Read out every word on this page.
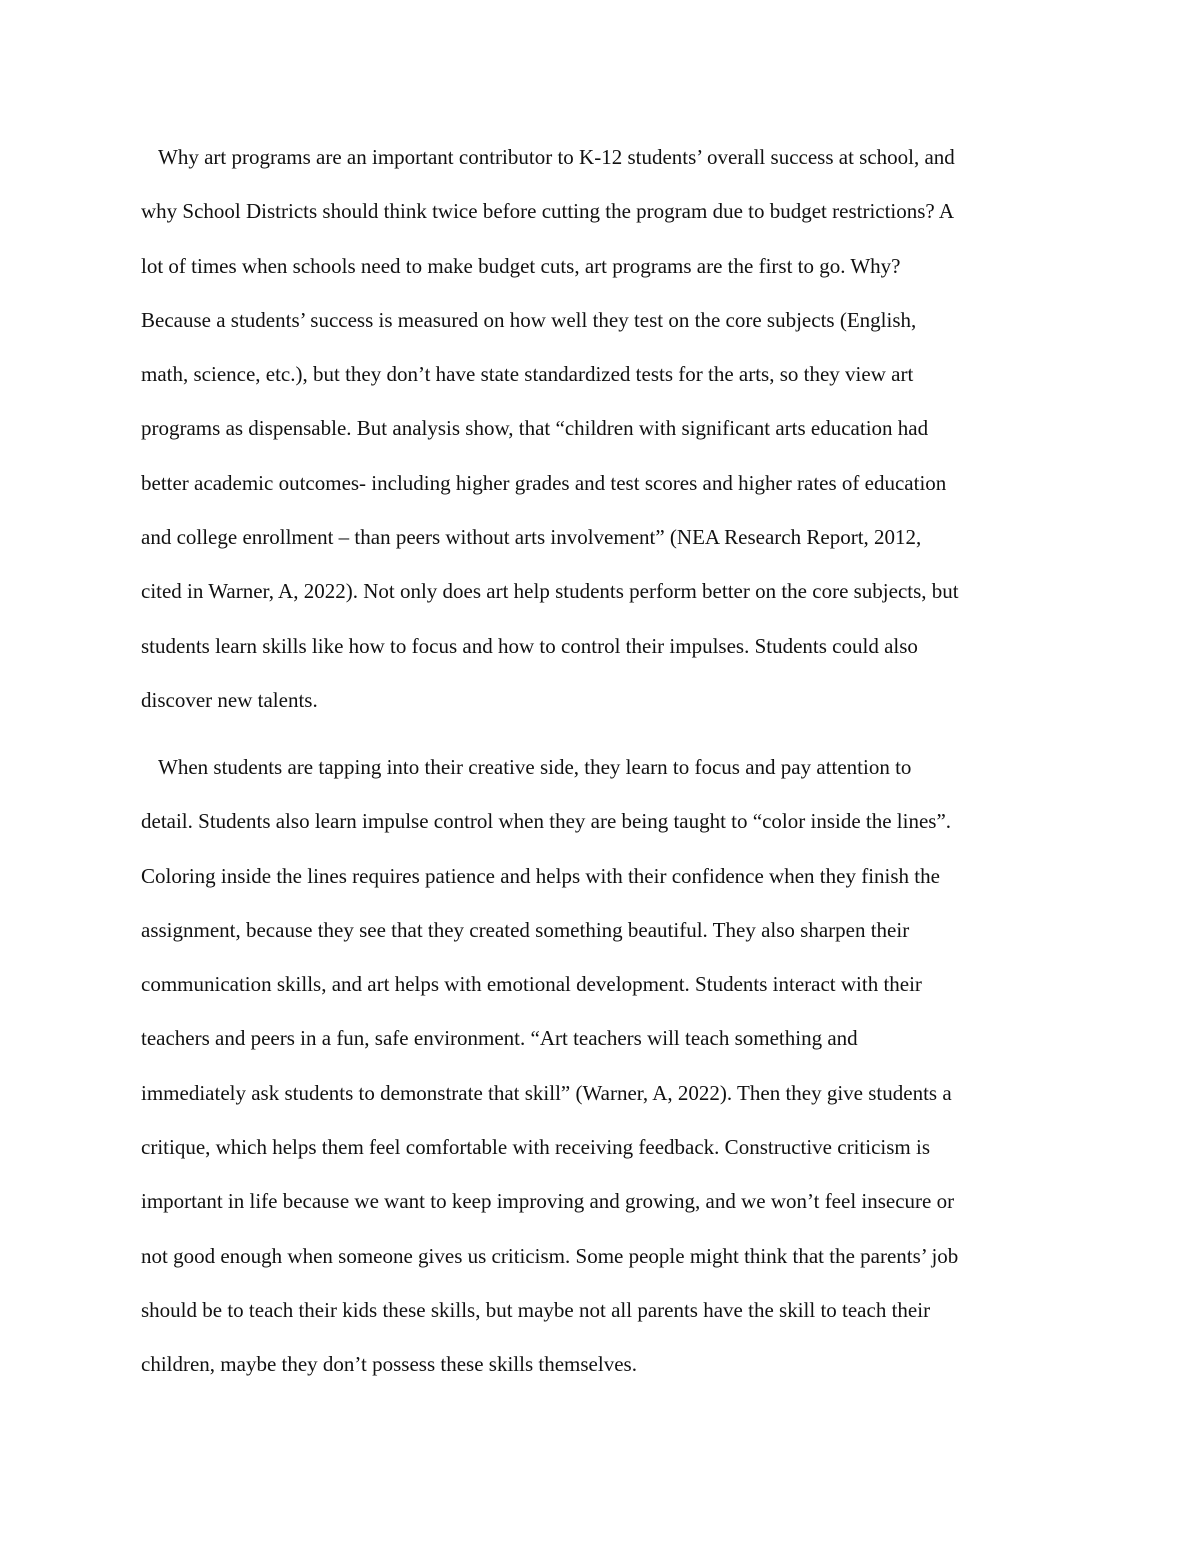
Why art programs are an important contributor to K-12 students’ overall success at school, and
why School Districts should think twice before cutting the program due to budget restrictions? A
lot of times when schools need to make budget cuts, art programs are the first to go. Why?
Because a students’ success is measured on how well they test on the core subjects (English,
math, science, etc.), but they don’t have state standardized tests for the arts, so they view art
programs as dispensable. But analysis show, that “children with significant arts education had
better academic outcomes- including higher grades and test scores and higher rates of education
and college enrollment – than peers without arts involvement” (NEA Research Report, 2012,
cited in Warner, A, 2022). Not only does art help students perform better on the core subjects, but
students learn skills like how to focus and how to control their impulses. Students could also
discover new talents.
When students are tapping into their creative side, they learn to focus and pay attention to
detail. Students also learn impulse control when they are being taught to “color inside the lines”.
Coloring inside the lines requires patience and helps with their confidence when they finish the
assignment, because they see that they created something beautiful. They also sharpen their
communication skills, and art helps with emotional development. Students interact with their
teachers and peers in a fun, safe environment. “Art teachers will teach something and
immediately ask students to demonstrate that skill” (Warner, A, 2022). Then they give students a
critique, which helps them feel comfortable with receiving feedback. Constructive criticism is
important in life because we want to keep improving and growing, and we won’t feel insecure or
not good enough when someone gives us criticism. Some people might think that the parents’ job
should be to teach their kids these skills, but maybe not all parents have the skill to teach their
children, maybe they don’t possess these skills themselves.
